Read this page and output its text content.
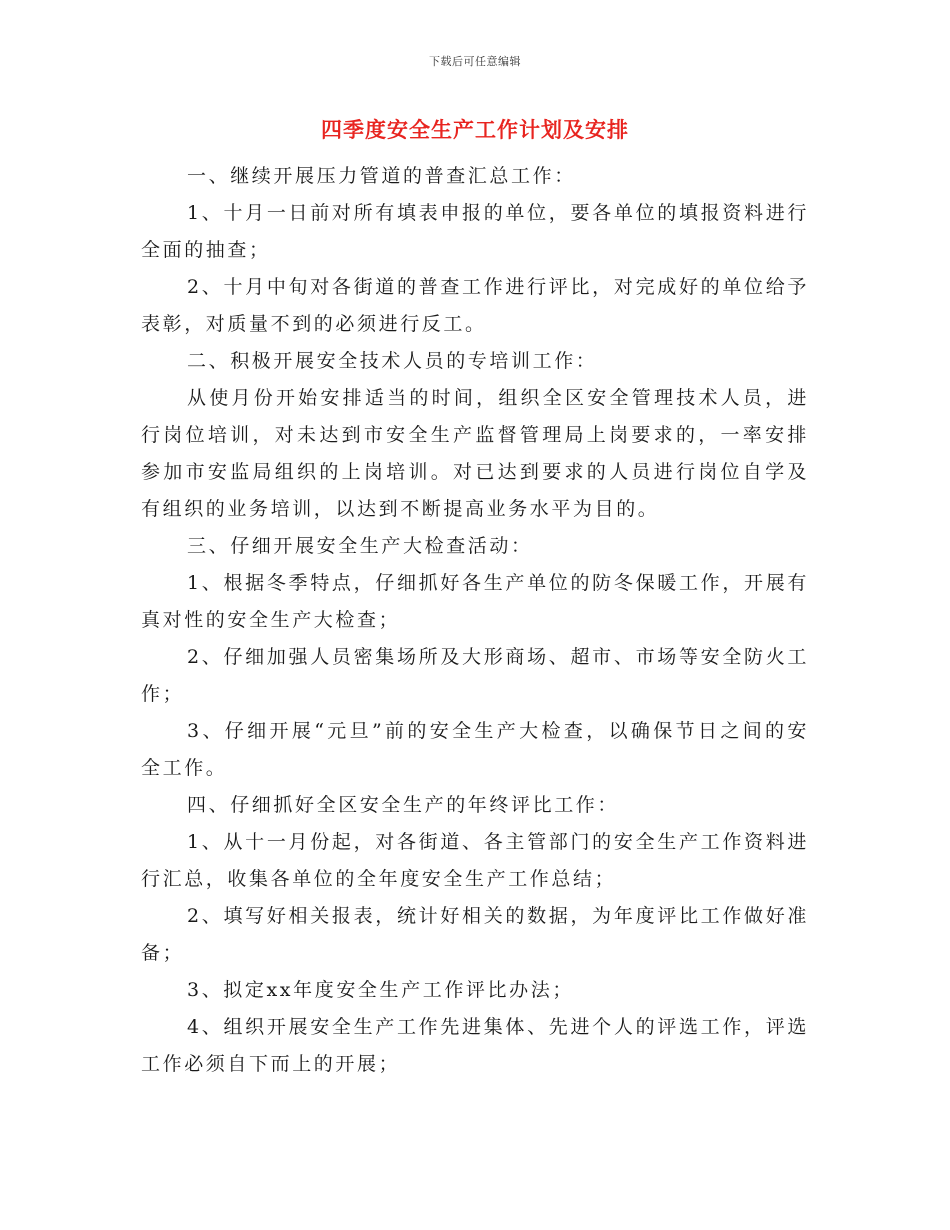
下载后可任意编辑
四季度安全生产工作计划及安排

一、继续开展压力管道的普查汇总工作：

1、十月一日前对所有填表申报的单位，要各单位的填报资料进行全面的抽查；

2、十月中旬对各街道的普查工作进行评比，对完成好的单位给予表彰，对质量不到的必须进行反工。

二、积极开展安全技术人员的专培训工作：

从使月份开始安排适当的时间，组织全区安全管理技术人员，进行岗位培训，对未达到市安全生产监督管理局上岗要求的，一率安排参加市安监局组织的上岗培训。对已达到要求的人员进行岗位自学及有组织的业务培训，以达到不断提高业务水平为目的。

三、仔细开展安全生产大检查活动：

1、根据冬季特点，仔细抓好各生产单位的防冬保暖工作，开展有真对性的安全生产大检查；

2、仔细加强人员密集场所及大形商场、超市、市场等安全防火工作；

3、仔细开展“元旦”前的安全生产大检查，以确保节日之间的安全工作。

四、仔细抓好全区安全生产的年终评比工作：

1、从十一月份起，对各街道、各主管部门的安全生产工作资料进行汇总，收集各单位的全年度安全生产工作总结；

2、填写好相关报表，统计好相关的数据，为年度评比工作做好准备；

3、拟定xx年度安全生产工作评比办法；

4、组织开展安全生产工作先进集体、先进个人的评选工作，评选工作必须自下而上的开展；
